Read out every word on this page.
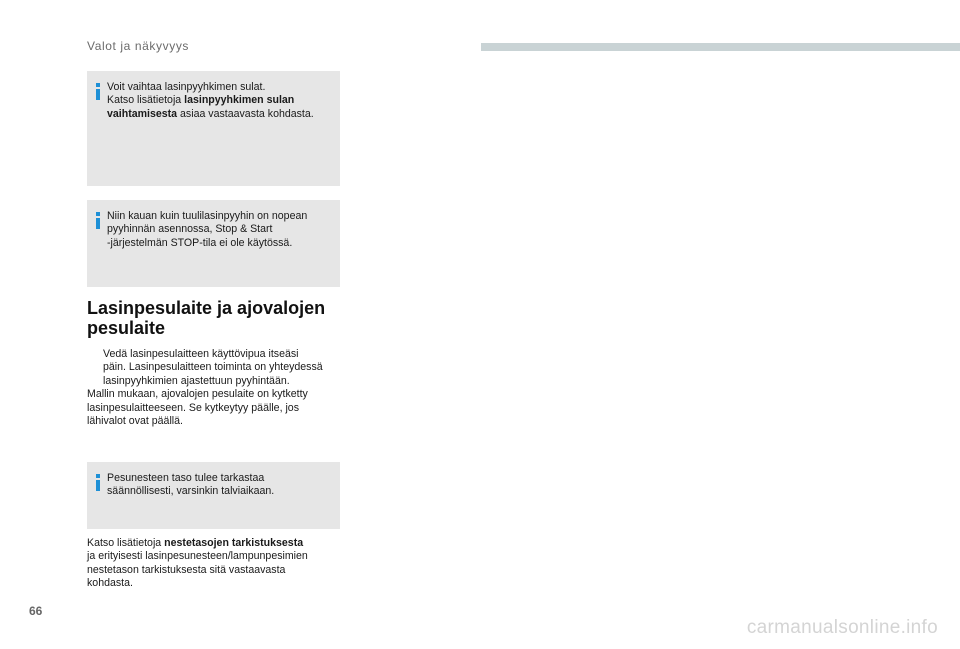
Valot ja näkyvyys

Voit vaihtaa lasinpyyhkimen sulat.
Katso lisätietoja lasinpyyhkimen sulan
vaihtamisesta asiaa vastaavasta kohdasta.

Niin kauan kuin tuulilasinpyyhin on nopean
pyyhinnän asennossa, Stop & Start
-järjestelmän STOP-tila ei ole käytössä.

Lasinpesulaite ja ajovalojen
pesulaite
Vedä lasinpesulaitteen käyttövipua itseäsi
päin. Lasinpesulaitteen toiminta on yhteydessä
lasinpyyhkimien ajastettuun pyyhintään.

Mallin mukaan, ajovalojen pesulaite on kytketty
lasinpesulaitteeseen. Se kytkeytyy päälle, jos
lähivalot ovat päällä.

Pesunesteen taso tulee tarkastaa
säännöllisesti, varsinkin talviaikaan.

Katso lisätietoja nestetasojen tarkistuksesta
ja erityisesti lasinpesunesteen/lampunpesimien
nestetason tarkistuksesta sitä vastaavasta
kohdasta.

66
carmanualsonline.info
